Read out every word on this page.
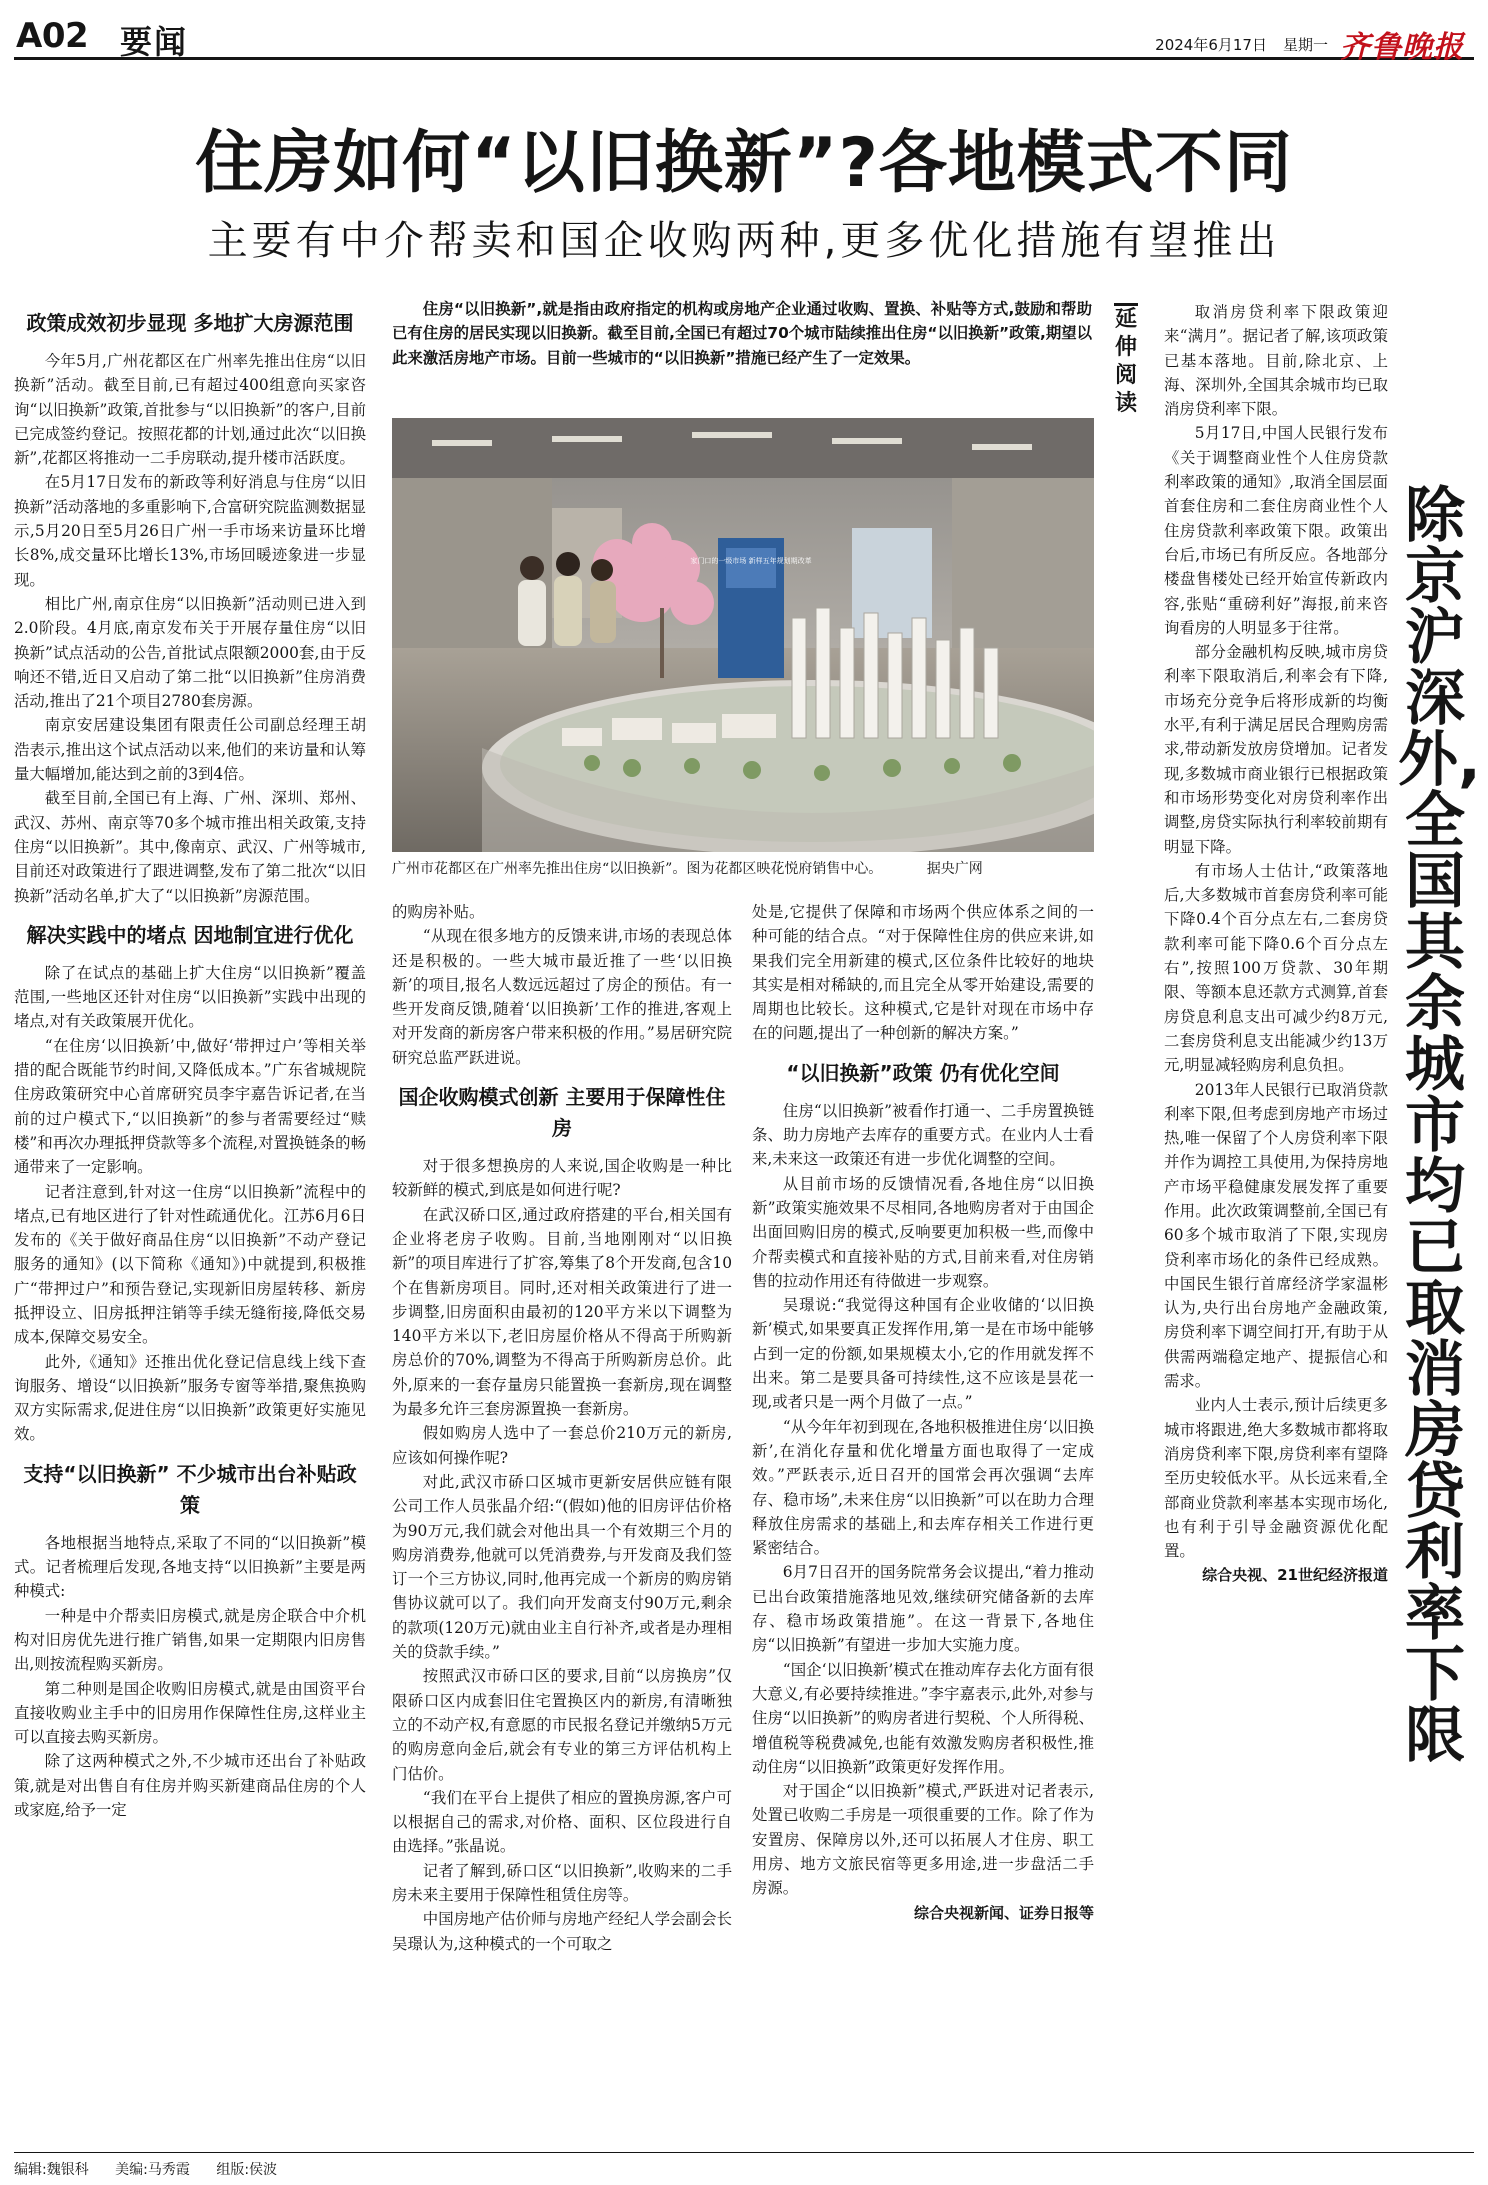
A02 要闻	2024年6月17日 星期一 齐鲁晚报
住房如何“以旧换新”?各地模式不同
主要有中介帮卖和国企收购两种,更多优化措施有望推出
政策成效初步显现 多地扩大房源范围

今年5月,广州花都区在广州率先推出住房“以旧换新”活动。截至目前,已有超过400组意向买家咨询“以旧换新”政策,首批参与“以旧换新”的客户,目前已完成签约登记。按照花都的计划,通过此次“以旧换新”,花都区将推动一二手房联动,提升楼市活跃度。

在5月17日发布的新政等利好消息与住房“以旧换新”活动落地的多重影响下,合富研究院监测数据显示,5月20日至5月26日广州一手市场来访量环比增长8%,成交量环比增长13%,市场回暖迹象进一步显现。

相比广州,南京住房“以旧换新”活动则已进入到2.0阶段。4月底,南京发布关于开展存量住房“以旧换新”试点活动的公告,首批试点限额2000套,由于反响还不错,近日又启动了第二批“以旧换新”住房消费活动,推出了21个项目2780套房源。

南京安居建设集团有限责任公司副总经理王胡浩表示,推出这个试点活动以来,他们的来访量和认筹量大幅增加,能达到之前的3到4倍。

截至目前,全国已有上海、广州、深圳、郑州、武汉、苏州、南京等70多个城市推出相关政策,支持住房“以旧换新”。其中,像南京、武汉、广州等城市,目前还对政策进行了跟进调整,发布了第二批次“以旧换新”活动名单,扩大了“以旧换新”房源范围。

解决实践中的堵点 因地制宜进行优化

除了在试点的基础上扩大住房“以旧换新”覆盖范围,一些地区还针对住房“以旧换新”实践中出现的堵点,对有关政策展开优化。

“在住房‘以旧换新’中,做好‘带押过户’等相关举措的配合既能节约时间,又降低成本。”广东省城规院住房政策研究中心首席研究员李宇嘉告诉记者,在当前的过户模式下,“以旧换新”的参与者需要经过“赎楼”和再次办理抵押贷款等多个流程,对置换链条的畅通带来了一定影响。

记者注意到,针对这一住房“以旧换新”流程中的堵点,已有地区进行了针对性疏通优化。江苏6月6日发布的《关于做好商品住房“以旧换新”不动产登记服务的通知》(以下简称《通知》)中就提到,积极推广“带押过户”和预告登记,实现新旧房屋转移、新房抵押设立、旧房抵押注销等手续无缝衔接,降低交易成本,保障交易安全。

此外,《通知》还推出优化登记信息线上线下查询服务、增设“以旧换新”服务专窗等举措,聚焦换购双方实际需求,促进住房“以旧换新”政策更好实施见效。

支持“以旧换新” 不少城市出台补贴政策

各地根据当地特点,采取了不同的“以旧换新”模式。记者梳理后发现,各地支持“以旧换新”主要是两种模式:

一种是中介帮卖旧房模式,就是房企联合中介机构对旧房优先进行推广销售,如果一定期限内旧房售出,则按流程购买新房。

第二种则是国企收购旧房模式,就是由国资平台直接收购业主手中的旧房用作保障性住房,这样业主可以直接去购买新房。

除了这两种模式之外,不少城市还出台了补贴政策,就是对出售自有住房并购买新建商品住房的个人或家庭,给予一定

住房“以旧换新”,就是指由政府指定的机构或房地产企业通过收购、置换、补贴等方式,鼓励和帮助已有住房的居民实现以旧换新。截至目前,全国已有超过70个城市陆续推出住房“以旧换新”政策,期望以此来激活房地产市场。目前一些城市的“以旧换新”措施已经产生了一定效果。
家门口的一级市场 新样五年规划期改革
广州市花都区在广州率先推出住房“以旧换新”。图为花都区映花悦府销售中心。	据央广网

的购房补贴。

“从现在很多地方的反馈来讲,市场的表现总体还是积极的。一些大城市最近推了一些‘以旧换新’的项目,报名人数远远超过了房企的预估。有一些开发商反馈,随着‘以旧换新’工作的推进,客观上对开发商的新房客户带来积极的作用。”易居研究院研究总监严跃进说。

国企收购模式创新 主要用于保障性住房

对于很多想换房的人来说,国企收购是一种比较新鲜的模式,到底是如何进行呢?

在武汉硚口区,通过政府搭建的平台,相关国有企业将老房子收购。目前,当地刚刚对“以旧换新”的项目库进行了扩容,筹集了8个开发商,包含10个在售新房项目。同时,还对相关政策进行了进一步调整,旧房面积由最初的120平方米以下调整为140平方米以下,老旧房屋价格从不得高于所购新房总价的70%,调整为不得高于所购新房总价。此外,原来的一套存量房只能置换一套新房,现在调整为最多允许三套房源置换一套新房。

假如购房人选中了一套总价210万元的新房,应该如何操作呢?

对此,武汉市硚口区城市更新安居供应链有限公司工作人员张晶介绍:“(假如)他的旧房评估价格为90万元,我们就会对他出具一个有效期三个月的购房消费券,他就可以凭消费券,与开发商及我们签订一个三方协议,同时,他再完成一个新房的购房销售协议就可以了。我们向开发商支付90万元,剩余的款项(120万元)就由业主自行补齐,或者是办理相关的贷款手续。”

按照武汉市硚口区的要求,目前“以房换房”仅限硚口区内成套旧住宅置换区内的新房,有清晰独立的不动产权,有意愿的市民报名登记并缴纳5万元的购房意向金后,就会有专业的第三方评估机构上门估价。

“我们在平台上提供了相应的置换房源,客户可以根据自己的需求,对价格、面积、区位段进行自由选择。”张晶说。

记者了解到,硚口区“以旧换新”,收购来的二手房未来主要用于保障性租赁住房等。

中国房地产估价师与房地产经纪人学会副会长吴璟认为,这种模式的一个可取之

处是,它提供了保障和市场两个供应体系之间的一种可能的结合点。“对于保障性住房的供应来讲,如果我们完全用新建的模式,区位条件比较好的地块其实是相对稀缺的,而且完全从零开始建设,需要的周期也比较长。这种模式,它是针对现在市场中存在的问题,提出了一种创新的解决方案。”

“以旧换新”政策 仍有优化空间

住房“以旧换新”被看作打通一、二手房置换链条、助力房地产去库存的重要方式。在业内人士看来,未来这一政策还有进一步优化调整的空间。

从目前市场的反馈情况看,各地住房“以旧换新”政策实施效果不尽相同,各地购房者对于由国企出面回购旧房的模式,反响要更加积极一些,而像中介帮卖模式和直接补贴的方式,目前来看,对住房销售的拉动作用还有待做进一步观察。

吴璟说:“我觉得这种国有企业收储的‘以旧换新’模式,如果要真正发挥作用,第一是在市场中能够占到一定的份额,如果规模太小,它的作用就发挥不出来。第二是要具备可持续性,这不应该是昙花一现,或者只是一两个月做了一点。”

“从今年年初到现在,各地积极推进住房‘以旧换新’,在消化存量和优化增量方面也取得了一定成效。”严跃表示,近日召开的国常会再次强调“去库存、稳市场”,未来住房“以旧换新”可以在助力合理释放住房需求的基础上,和去库存相关工作进行更紧密结合。

6月7日召开的国务院常务会议提出,“着力推动已出台政策措施落地见效,继续研究储备新的去库存、稳市场政策措施”。在这一背景下,各地住房“以旧换新”有望进一步加大实施力度。

“国企‘以旧换新’模式在推动库存去化方面有很大意义,有必要持续推进。”李宇嘉表示,此外,对参与住房“以旧换新”的购房者进行契税、个人所得税、增值税等税费减免,也能有效激发购房者积极性,推动住房“以旧换新”政策更好发挥作用。

对于国企“以旧换新”模式,严跃进对记者表示,处置已收购二手房是一项很重要的工作。除了作为安置房、保障房以外,还可以拓展人才住房、职工用房、地方文旅民宿等更多用途,进一步盘活二手房源。

综合央视新闻、证券日报等

延伸阅读

取消房贷利率下限政策迎来“满月”。据记者了解,该项政策已基本落地。目前,除北京、上海、深圳外,全国其余城市均已取消房贷利率下限。

5月17日,中国人民银行发布《关于调整商业性个人住房贷款利率政策的通知》,取消全国层面首套住房和二套住房商业性个人住房贷款利率政策下限。政策出台后,市场已有所反应。各地部分楼盘售楼处已经开始宣传新政内容,张贴“重磅利好”海报,前来咨询看房的人明显多于往常。

部分金融机构反映,城市房贷利率下限取消后,利率会有下降,市场充分竞争后将形成新的均衡水平,有利于满足居民合理购房需求,带动新发放房贷增加。记者发现,多数城市商业银行已根据政策和市场形势变化对房贷利率作出调整,房贷实际执行利率较前期有明显下降。

有市场人士估计,“政策落地后,大多数城市首套房贷利率可能下降0.4个百分点左右,二套房贷款利率可能下降0.6个百分点左右”,按照100万贷款、30年期限、等额本息还款方式测算,首套房贷息利息支出可减少约8万元,二套房贷利息支出能减少约13万元,明显减轻购房利息负担。

2013年人民银行已取消贷款利率下限,但考虑到房地产市场过热,唯一保留了个人房贷利率下限并作为调控工具使用,为保持房地产市场平稳健康发展发挥了重要作用。此次政策调整前,全国已有60多个城市取消了下限,实现房贷利率市场化的条件已经成熟。中国民生银行首席经济学家温彬认为,央行出台房地产金融政策,房贷利率下调空间打开,有助于从供需两端稳定地产、提振信心和需求。

业内人士表示,预计后续更多城市将跟进,绝大多数城市都将取消房贷利率下限,房贷利率有望降至历史较低水平。从长远来看,全部商业贷款利率基本实现市场化,也有利于引导金融资源优化配置。

综合央视、21世纪经济报道

除京沪深外,全国其余城市均已取消房贷利率下限
编辑:魏银科 美编:马秀霞 组版:侯波
